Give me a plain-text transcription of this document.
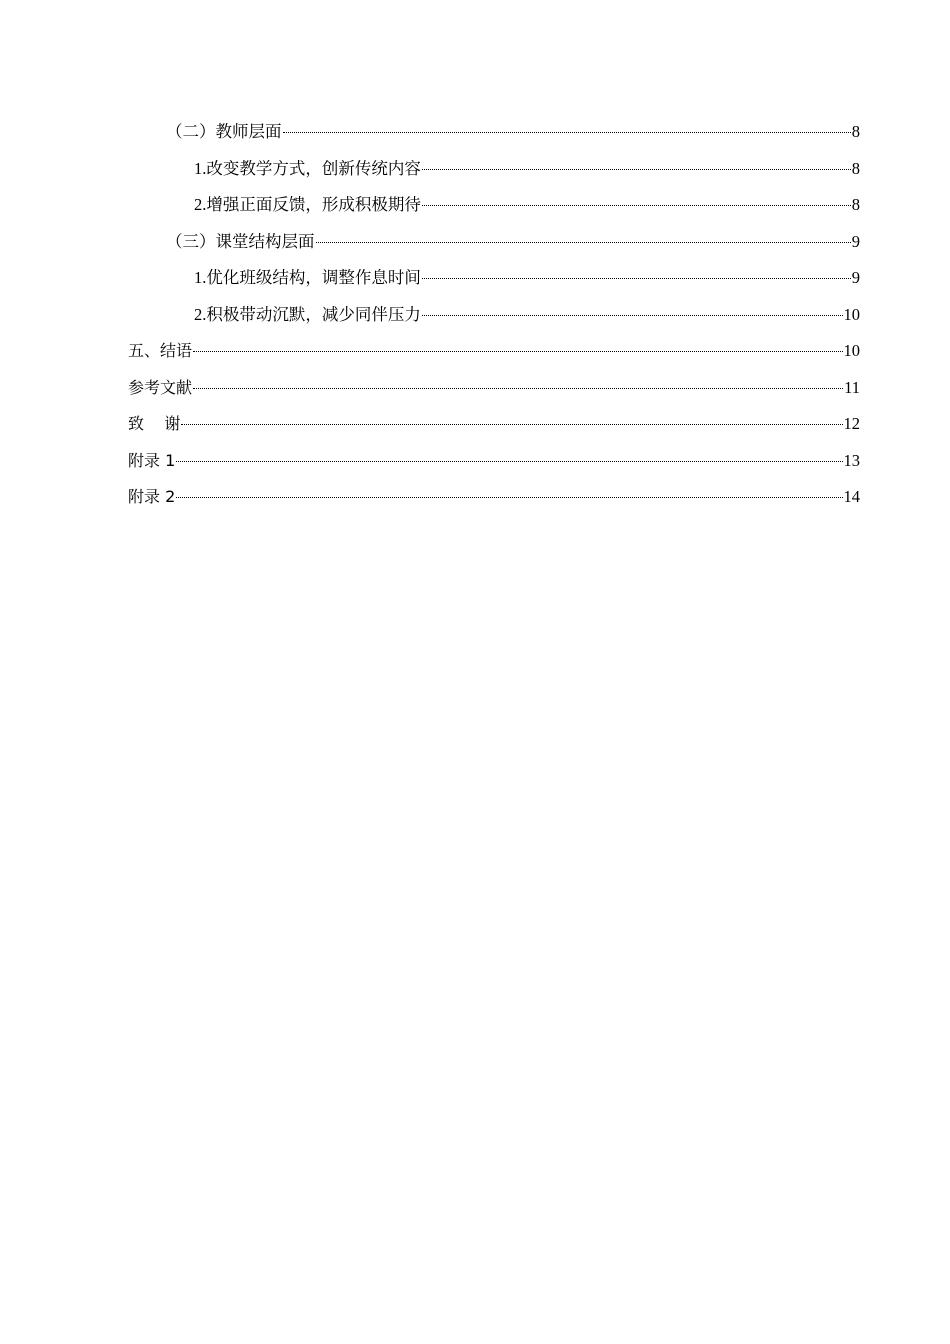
（二）教师层面	8
1.改变教学方式，创新传统内容	8
2.增强正面反馈，形成积极期待	8
（三）课堂结构层面	9
1.优化班级结构，调整作息时间	9
2.积极带动沉默，减少同伴压力	10
五、结语	10
参考文献	11
致    谢	12
附录 1	13
附录 2	14
